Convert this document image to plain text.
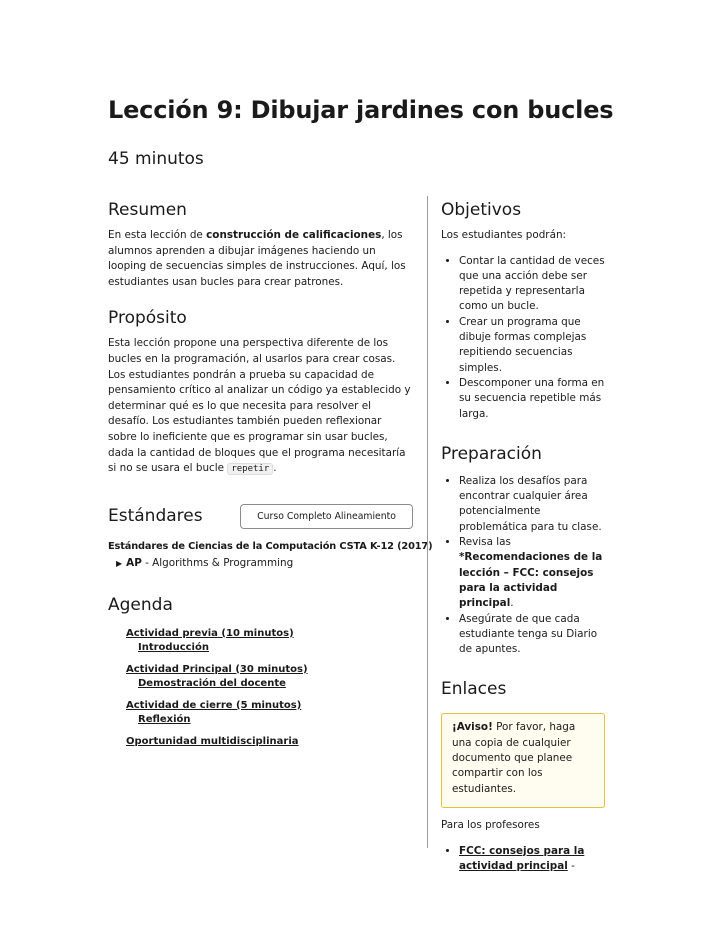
Lección 9: Dibujar jardines con bucles
45 minutos
Resumen

En esta lección de construcción de calificaciones, los alumnos aprenden a dibujar imágenes haciendo un looping de secuencias simples de instrucciones. Aquí, los estudiantes usan bucles para crear patrones.

Propósito

Esta lección propone una perspectiva diferente de los bucles en la programación, al usarlos para crear cosas. Los estudiantes pondrán a prueba su capacidad de pensamiento crítico al analizar un código ya establecido y determinar qué es lo que necesita para resolver el desafío. Los estudiantes también pueden reflexionar sobre lo ineficiente que es programar sin usar bucles, dada la cantidad de bloques que el programa necesitaría si no se usara el bucle repetir .

Estándares	Curso Completo Alineamiento
Estándares de Ciencias de la Computación CSTA K-12 (2017)
▶ AP - Algorithms & Programming
Agenda
Actividad previa (10 minutos)
Introducción
Actividad Principal (30 minutos)
Demostración del docente
Actividad de cierre (5 minutos)
Reflexión
Oportunidad multidisciplinaria
Objetivos

Los estudiantes podrán:

• Contar la cantidad de veces que una acción debe ser repetida y representarla como un bucle.
• Crear un programa que dibuje formas complejas repitiendo secuencias simples.
• Descomponer una forma en su secuencia repetible más larga.
Preparación
• Realiza los desafíos para encontrar cualquier área potencialmente problemática para tu clase.
• Revisa las *Recomendaciones de la lección – FCC: consejos para la actividad principal.
• Asegúrate de que cada estudiante tenga su Diario de apuntes.
Enlaces
¡Aviso! Por favor, haga una copia de cualquier documento que planee compartir con los estudiantes.

Para los profesores

• FCC: consejos para la actividad principal -
